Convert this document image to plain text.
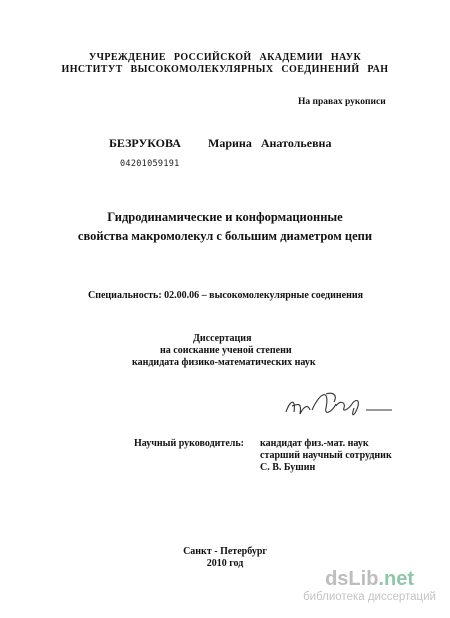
УЧРЕЖДЕНИЕ РОССИЙСКОЙ АКАДЕМИИ НАУК
ИНСТИТУТ ВЫСОКОМОЛЕКУЛЯРНЫХ СОЕДИНЕНИЙ РАН
На правах рукописи
БЕЗРУКОВА Марина Анатольевна
04201059191
Гидродинамические и конформационные
свойства макромолекул с большим диаметром цепи
Специальность: 02.00.06 – высокомолекулярные соединения
Диссертация
на соискание ученой степени
кандидата физико-математических наук
Научный руководитель: кандидат физ.-мат. наук
старший научный сотрудник
С. В. Бушин
Санкт - Петербург
2010 год
dsLib.net
библиотека диссертаций
